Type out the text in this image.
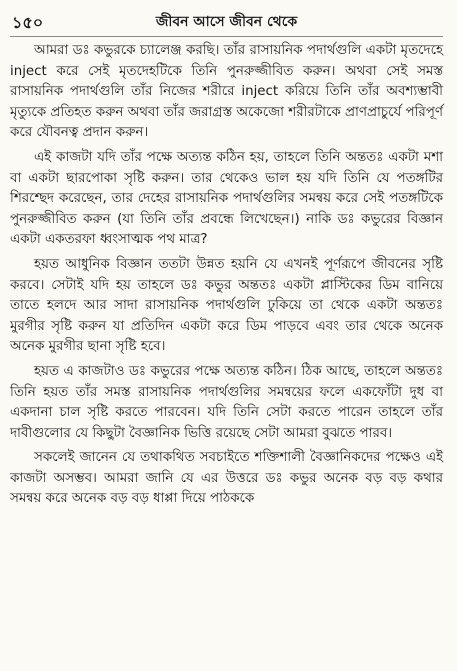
১৫০	জীবন আসে জীবন থেকে

আমরা ডঃ কভুরকে চ্যালেঞ্জ করছি। তাঁর রাসায়নিক পদার্থগুলি একটা মৃতদেহে inject করে সেই মৃতদেহটিকে তিনি পুনরুজ্জীবিত করুন। অথবা সেই সমস্ত রাসায়নিক পদার্থগুলি তাঁর নিজের শরীরে inject করিয়ে তিনি তাঁর অবশ্যম্ভাবী মৃত্যুকে প্রতিহত করুন অথবা তাঁর জরাগ্রস্ত অকেজো শরীরটাকে প্রাণপ্রাচুর্যে পরিপূর্ণ করে যৌবনত্ব প্রদান করুন।

এই কাজটা যদি তাঁর পক্ষে অত্যন্ত কঠিন হয়, তাহলে তিনি অন্ততঃ একটা মশা বা একটা ছারপোকা সৃষ্টি করুন। তার থেকেও ভাল হয় যদি তিনি যে পতঙ্গটির শিরশ্ছেদ করেছেন, তার দেহের রাসায়নিক পদার্থগুলির সমন্বয় করে সেই পতঙ্গটিকে পুনরুজ্জীবিত করুন (যা তিনি তাঁর প্রবন্ধে লিখেছেন।) নাকি ডঃ কভুরের বিজ্ঞান একটা একতরফা ধ্বংসাত্মক পথ মাত্র?

হয়ত আধুনিক বিজ্ঞান ততটা উন্নত হয়নি যে এখনই পূর্ণরূপে জীবনের সৃষ্টি করবে। সেটাই যদি হয় তাহলে ডঃ কভুর অন্ততঃ একটা প্লাস্টিকের ডিম বানিয়ে তাতে হলদে আর সাদা রাসায়নিক পদার্থগুলি ঢুকিয়ে তা থেকে একটা অন্ততঃ মুরগীর সৃষ্টি করুন যা প্রতিদিন একটা করে ডিম পাড়বে এবং তার থেকে অনেক অনেক মুরগীর ছানা সৃষ্টি হবে।

হয়ত এ কাজটাও ডঃ কভুরের পক্ষে অত্যন্ত কঠিন। ঠিক আছে, তাহলে অন্ততঃ তিনি হয়ত তাঁর সমস্ত রাসায়নিক পদার্থগুলির সমন্বয়ের ফলে একফোঁটা দুধ বা একদানা চাল সৃষ্টি করতে পারবেন। যদি তিনি সেটা করতে পারেন তাহলে তাঁর দাবীগুলোর যে কিছুটা বৈজ্ঞানিক ভিত্তি রয়েছে সেটা আমরা বুঝতে পারব।

সকলেই জানেন যে তথাকথিত সবচাইতে শক্তিশালী বৈজ্ঞানিকদের পক্ষেও এই কাজটা অসম্ভব। আমরা জানি যে এর উত্তরে ডঃ কভুর অনেক বড় বড় কথার সমন্বয় করে অনেক বড় বড় ধাপ্পা দিয়ে পাঠককে
